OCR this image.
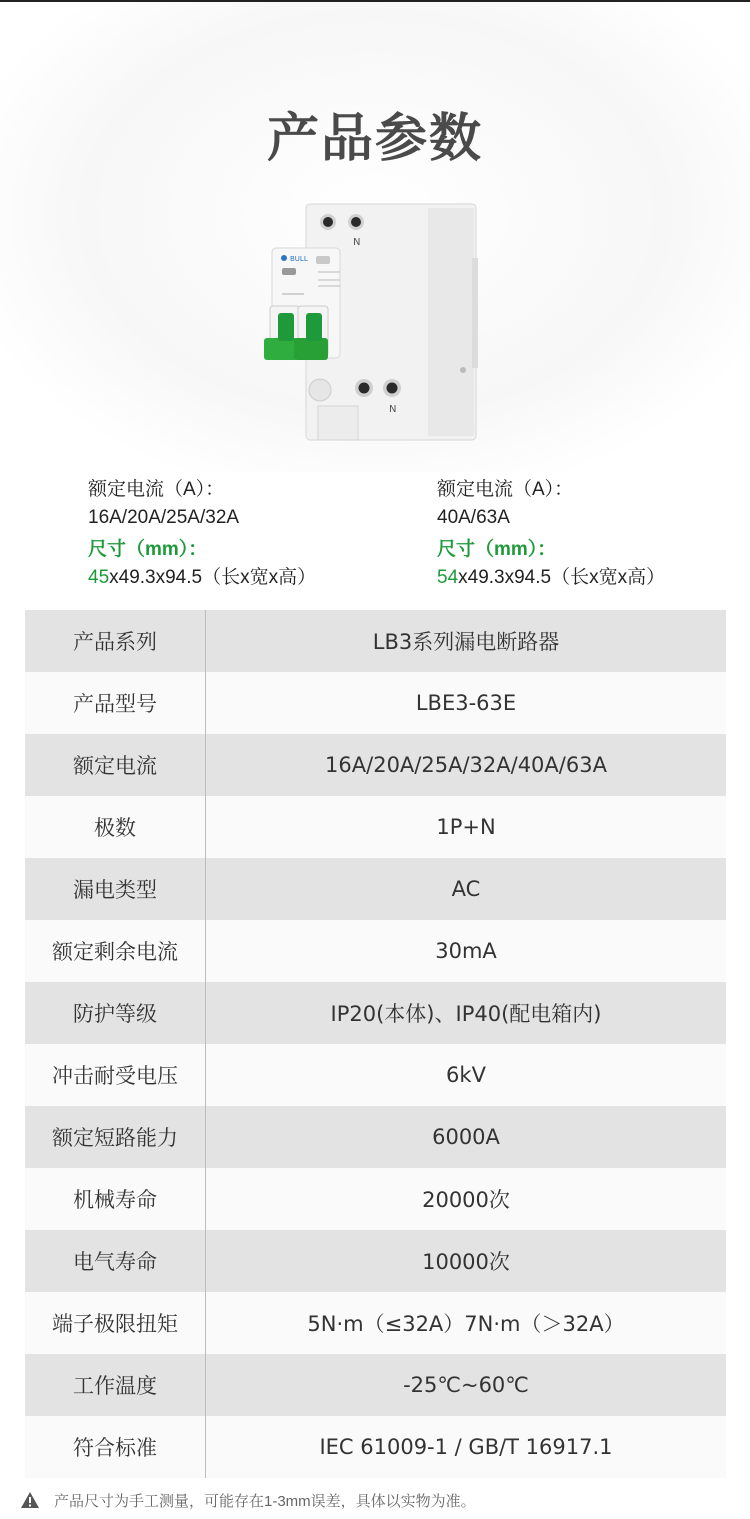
产品参数
BULL
N
N
额定电流（A）：
16A/20A/25A/32A
尺寸（mm）：
45x49.3x94.5（长x宽x高）
额定电流（A）：
40A/63A
尺寸（mm）：
54x49.3x94.5（长x宽x高）
产品系列	LB3系列漏电断路器
产品型号	LBE3-63E
额定电流	16A/20A/25A/32A/40A/63A
极数	1P+N
漏电类型	AC
额定剩余电流	30mA
防护等级	IP20(本体)、IP40(配电箱内)
冲击耐受电压	6kV
额定短路能力	6000A
机械寿命	20000次
电气寿命	10000次
端子极限扭矩	5N·m（≤32A）7N·m（＞32A）
工作温度	-25℃~60℃
符合标准	IEC 61009-1 / GB/T 16917.1
产品尺寸为手工测量，可能存在1-3mm误差，具体以实物为准。
